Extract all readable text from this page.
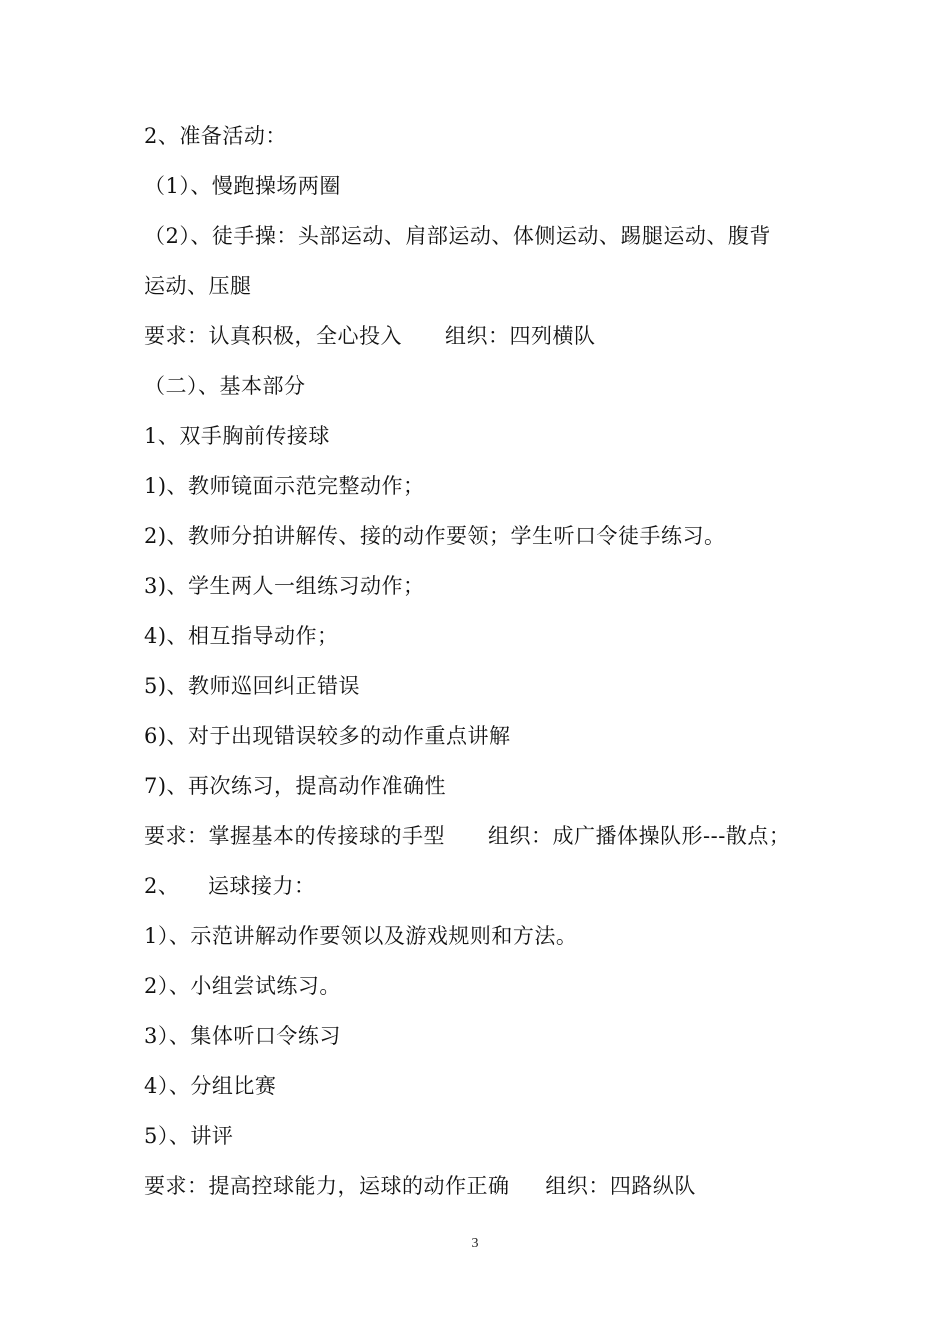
2、准备活动：
（1）、慢跑操场两圈
（2）、徒手操：头部运动、肩部运动、体侧运动、踢腿运动、腹背
运动、压腿
要求：认真积极，全心投入      组织：四列横队
（二）、基本部分
1、双手胸前传接球
1)、教师镜面示范完整动作；
2)、教师分拍讲解传、接的动作要领；学生听口令徒手练习。
3)、学生两人一组练习动作；
4)、相互指导动作；
5)、教师巡回纠正错误
6)、对于出现错误较多的动作重点讲解
7)、再次练习，提高动作准确性
要求：掌握基本的传接球的手型      组织：成广播体操队形---散点；
2、    运球接力：
1）、示范讲解动作要领以及游戏规则和方法。
2）、小组尝试练习。
3）、集体听口令练习
4）、分组比赛
5）、讲评
要求：提高控球能力，运球的动作正确     组织：四路纵队
3
